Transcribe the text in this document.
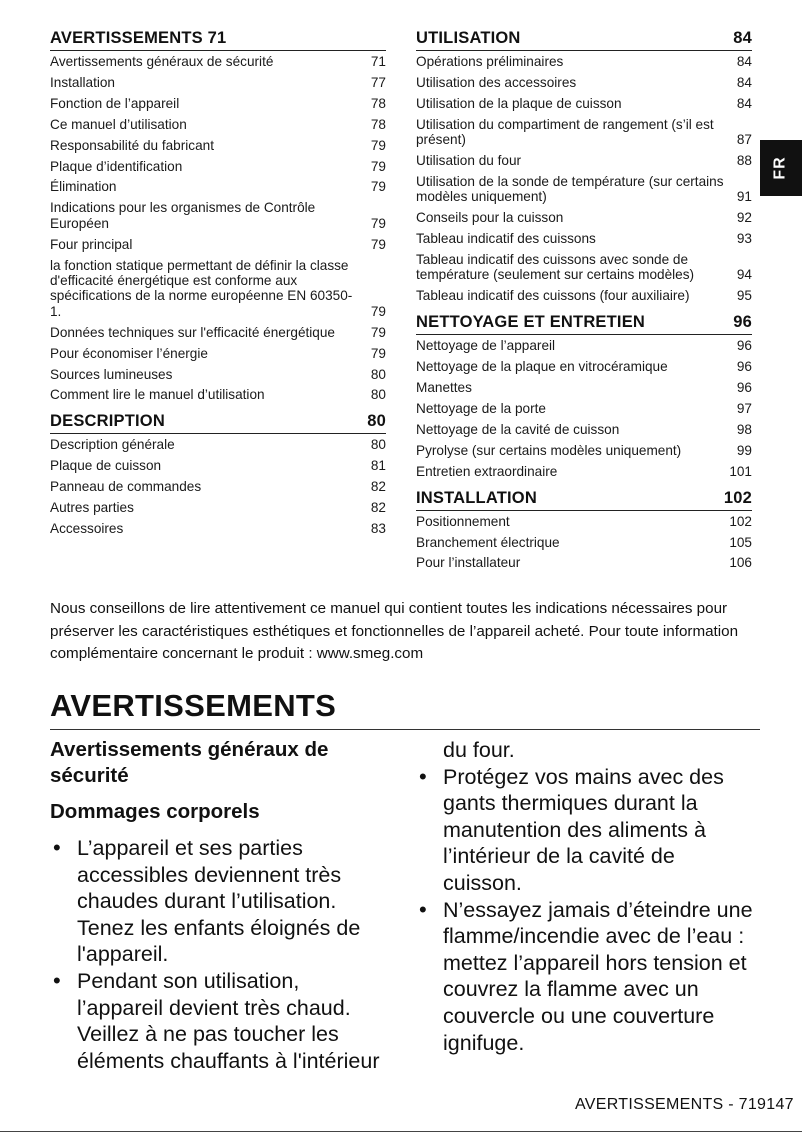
AVERTISSEMENTS 71
Avertissements généraux de sécurité	71
Installation	77
Fonction de l’appareil	78
Ce manuel d’utilisation	78
Responsabilité du fabricant	79
Plaque d’identification	79
Élimination	79
Indications pour les organismes de Contrôle Européen	79
Four principal	79
la fonction statique permettant de définir la classe d'efficacité énergétique est conforme aux spécifications de la norme européenne EN 60350-1.	79
Données techniques sur l'efficacité énergétique	79
Pour économiser l’énergie	79
Sources lumineuses	80
Comment lire le manuel d’utilisation	80
DESCRIPTION	80
Description générale	80
Plaque de cuisson	81
Panneau de commandes	82
Autres parties	82
Accessoires	83
UTILISATION	84
Opérations préliminaires	84
Utilisation des accessoires	84
Utilisation de la plaque de cuisson	84
Utilisation du compartiment de rangement (s’il est présent)	87
Utilisation du four	88
Utilisation de la sonde de température (sur certains modèles uniquement)	91
Conseils pour la cuisson	92
Tableau indicatif des cuissons	93
Tableau indicatif des cuissons avec sonde de température (seulement sur certains modèles)	94
Tableau indicatif des cuissons (four auxiliaire)	95
NETTOYAGE ET ENTRETIEN	96
Nettoyage de l’appareil	96
Nettoyage de la plaque en vitrocéramique	96
Manettes	96
Nettoyage de la porte	97
Nettoyage de la cavité de cuisson	98
Pyrolyse (sur certains modèles uniquement)	99
Entretien extraordinaire	101
INSTALLATION	102
Positionnement	102
Branchement électrique	105
Pour l’installateur	106
FR
Nous conseillons de lire attentivement ce manuel qui contient toutes les indications nécessaires pour préserver les caractéristiques esthétiques et fonctionnelles de l’appareil acheté. Pour toute information complémentaire concernant le produit : www.smeg.com
AVERTISSEMENTS
Avertissements généraux de sécurité
Dommages corporels
• L’appareil et ses parties accessibles deviennent très chaudes durant l’utilisation. Tenez les enfants éloignés de l'appareil.
• Pendant son utilisation, l’appareil devient très chaud. Veillez à ne pas toucher les éléments chauffants à l'intérieur
du four.
• Protégez vos mains avec des gants thermiques durant la manutention des aliments à l’intérieur de la cavité de cuisson.
• N’essayez jamais d’éteindre une flamme/incendie avec de l’eau : mettez l’appareil hors tension et couvrez la flamme avec un couvercle ou une couverture ignifuge.
AVERTISSEMENTS - 719147
